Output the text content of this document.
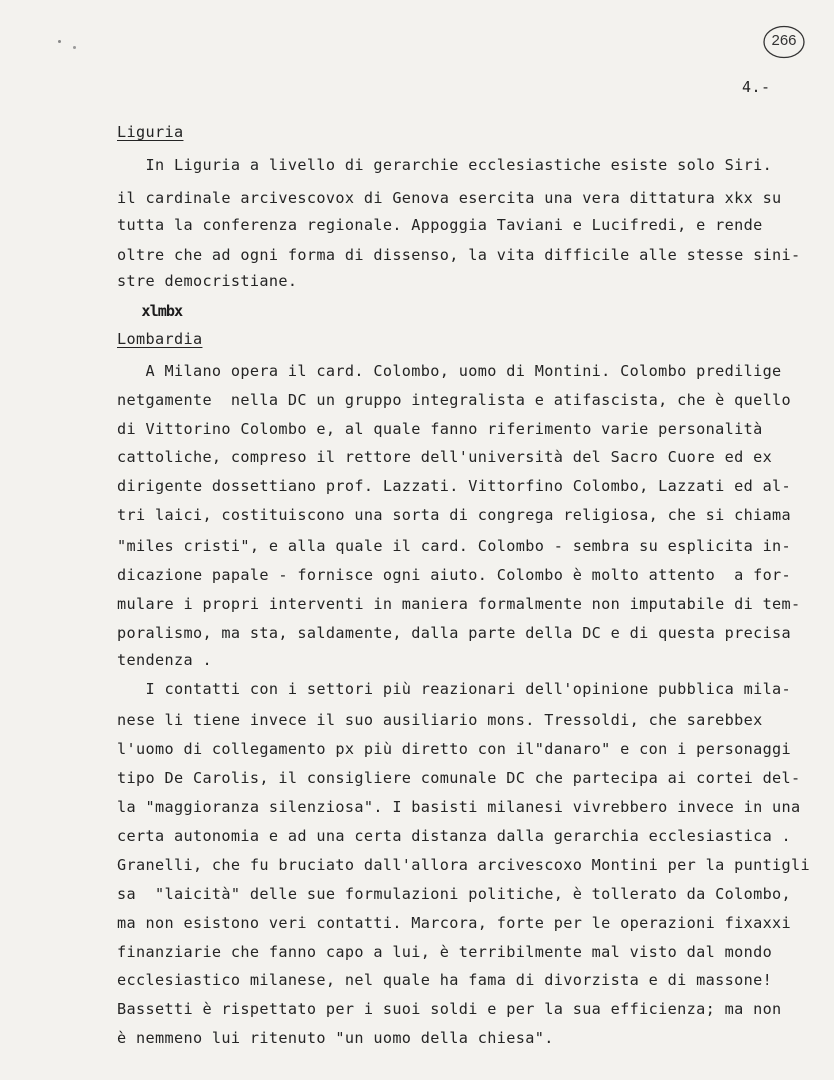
266
4.-
Liguria
In Liguria a livello di gerarchie ecclesiastiche esiste solo Siri.
il cardinale arcivescovox di Genova esercita una vera dittatura xkx su
tutta la conferenza regionale. Appoggia Taviani e Lucifredi, e rende
oltre che ad ogni forma di dissenso, la vita difficile alle stesse sini-
stre democristiane.
xlmbx
Lombardia
A Milano opera il card. Colombo, uomo di Montini. Colombo predilige
netgamente  nella DC un gruppo integralista e atifascista, che è quello
di Vittorino Colombo e, al quale fanno riferimento varie personalità
cattoliche, compreso il rettore dell'università del Sacro Cuore ed ex
dirigente dossettiano prof. Lazzati. Vittorfino Colombo, Lazzati ed al-
tri laici, costituiscono una sorta di congrega religiosa, che si chiama
"miles cristi", e alla quale il card. Colombo - sembra su esplicita in-
dicazione papale - fornisce ogni aiuto. Colombo è molto attento  a for-
mulare i propri interventi in maniera formalmente non imputabile di tem-
poralismo, ma sta, saldamente, dalla parte della DC e di questa precisa
tendenza .
I contatti con i settori più reazionari dell'opinione pubblica mila-
nese li tiene invece il suo ausiliario mons. Tressoldi, che sarebbex
l'uomo di collegamento px più diretto con il"danaro" e con i personaggi
tipo De Carolis, il consigliere comunale DC che partecipa ai cortei del-
la "maggioranza silenziosa". I basisti milanesi vivrebbero invece in una
certa autonomia e ad una certa distanza dalla gerarchia ecclesiastica .
Granelli, che fu bruciato dall'allora arcivescoxo Montini per la puntigli
sa  "laicità" delle sue formulazioni politiche, è tollerato da Colombo,
ma non esistono veri contatti. Marcora, forte per le operazioni fixaxxi
finanziarie che fanno capo a lui, è terribilmente mal visto dal mondo
ecclesiastico milanese, nel quale ha fama di divorzista e di massone!
Bassetti è rispettato per i suoi soldi e per la sua efficienza; ma non
è nemmeno lui ritenuto "un uomo della chiesa".
